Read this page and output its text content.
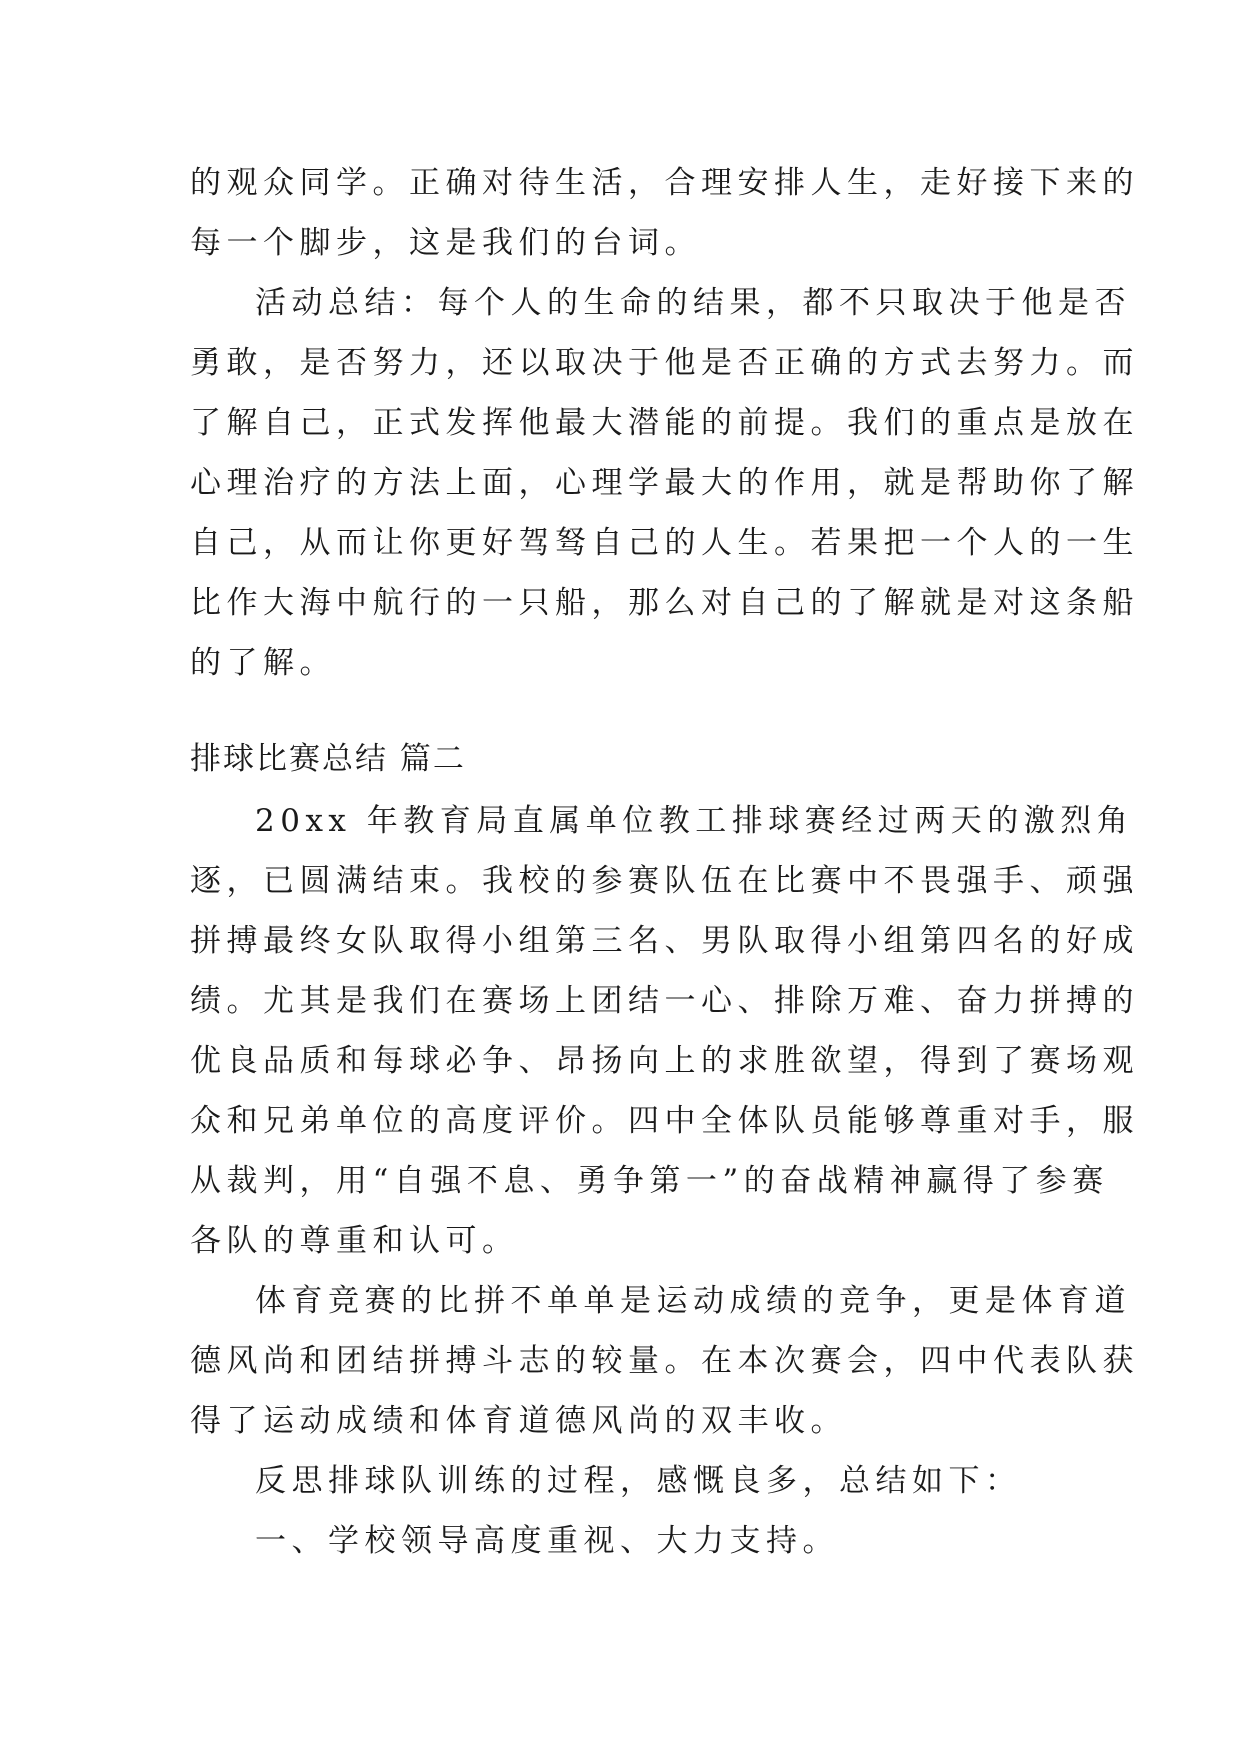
的观众同学。正确对待生活，合理安排人生，走好接下来的
每一个脚步，这是我们的台词。
活动总结：每个人的生命的结果，都不只取决于他是否
勇敢，是否努力，还以取决于他是否正确的方式去努力。而
了解自己，正式发挥他最大潜能的前提。我们的重点是放在
心理治疗的方法上面，心理学最大的作用，就是帮助你了解
自己，从而让你更好驾驽自己的人生。若果把一个人的一生
比作大海中航行的一只船，那么对自己的了解就是对这条船
的了解。
排球比赛总结 篇二
20xx 年教育局直属单位教工排球赛经过两天的激烈角
逐，已圆满结束。我校的参赛队伍在比赛中不畏强手、顽强
拼搏最终女队取得小组第三名、男队取得小组第四名的好成
绩。尤其是我们在赛场上团结一心、排除万难、奋力拼搏的
优良品质和每球必争、昂扬向上的求胜欲望，得到了赛场观
众和兄弟单位的高度评价。四中全体队员能够尊重对手，服
从裁判，用“自强不息、勇争第一”的奋战精神赢得了参赛
各队的尊重和认可。
体育竞赛的比拼不单单是运动成绩的竞争，更是体育道
德风尚和团结拼搏斗志的较量。在本次赛会，四中代表队获
得了运动成绩和体育道德风尚的双丰收。
反思排球队训练的过程，感慨良多，总结如下：
一、学校领导高度重视、大力支持。
